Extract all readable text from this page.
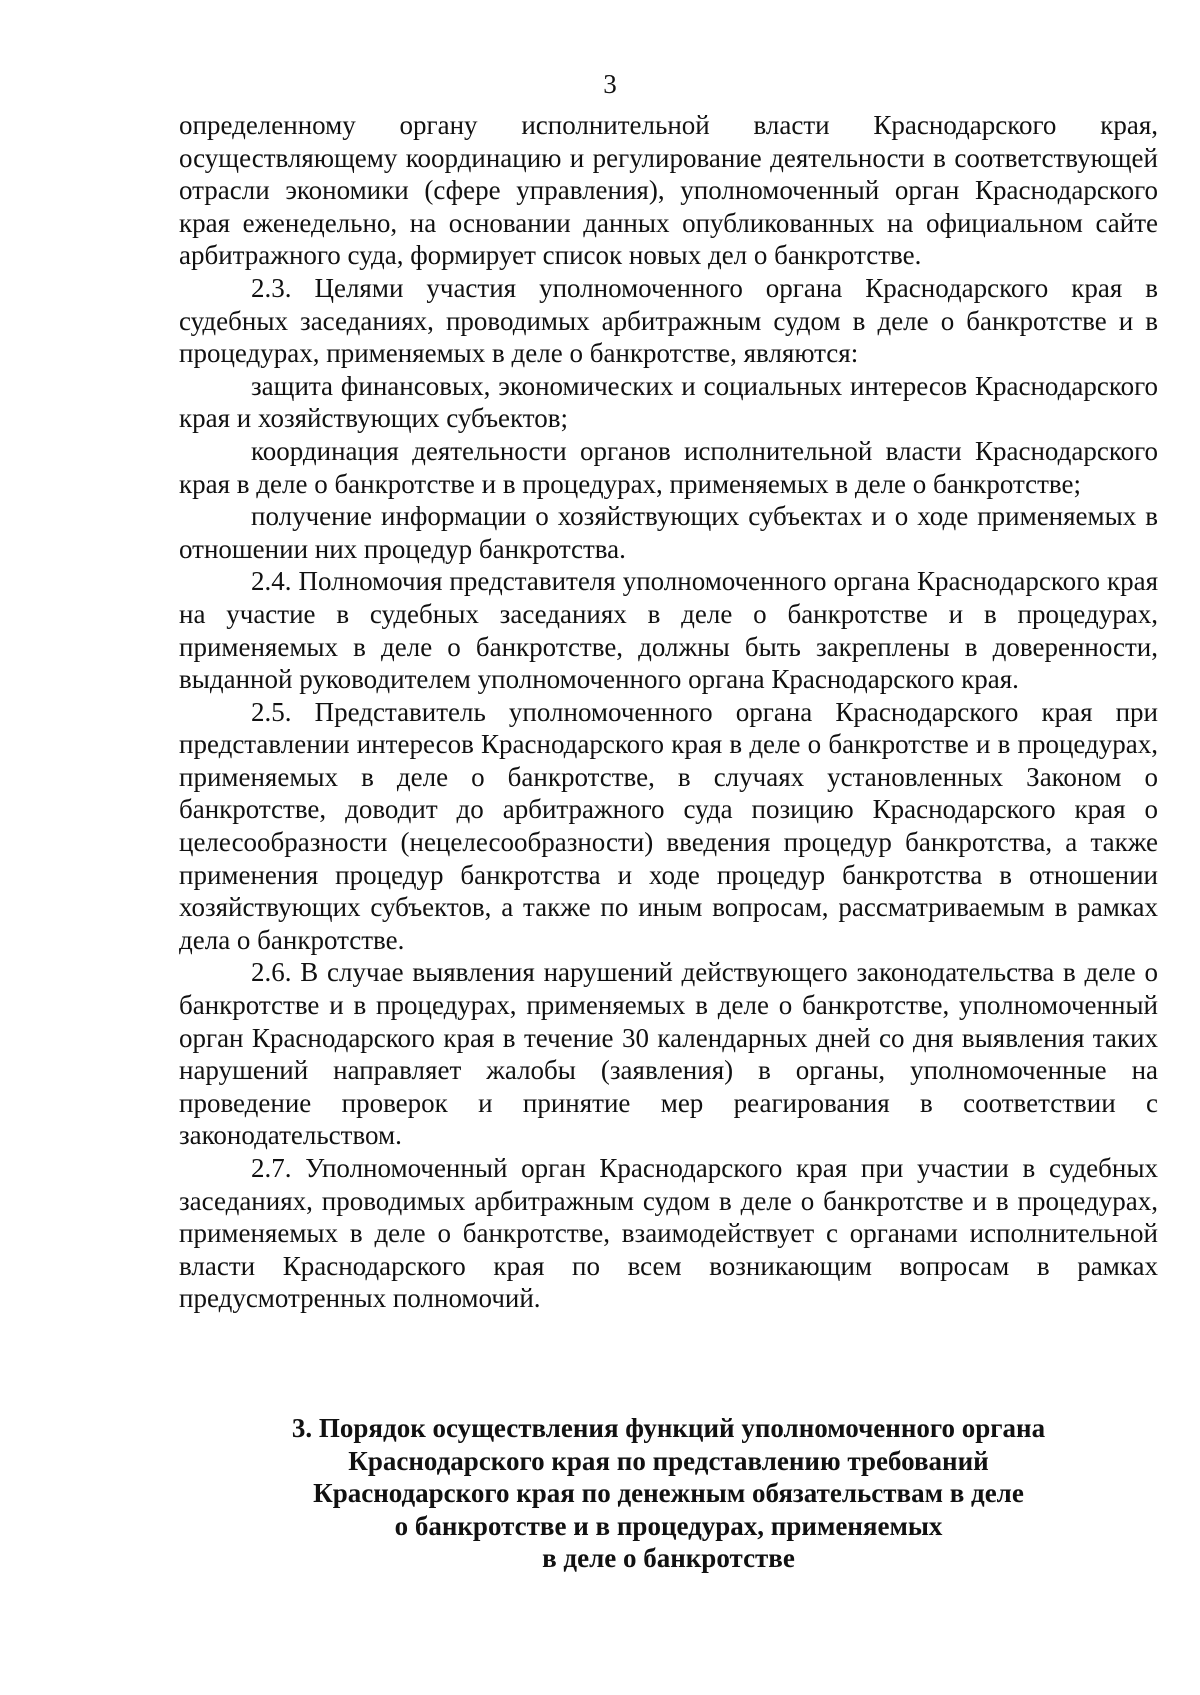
3

определенному органу исполнительной власти Краснодарского края, осуществляющему координацию и регулирование деятельности в соответствующей отрасли экономики (сфере управления), уполномоченный орган Краснодарского края еженедельно, на основании данных опубликованных на официальном сайте арбитражного суда, формирует список новых дел о банкротстве.

2.3. Целями участия уполномоченного органа Краснодарского края в судебных заседаниях, проводимых арбитражным судом в деле о банкротстве и в процедурах, применяемых в деле о банкротстве, являются:

защита финансовых, экономических и социальных интересов Краснодарского края и хозяйствующих субъектов;

координация деятельности органов исполнительной власти Краснодарского края в деле о банкротстве и в процедурах, применяемых в деле о банкротстве;

получение информации о хозяйствующих субъектах и о ходе применяемых в отношении них процедур банкротства.

2.4. Полномочия представителя уполномоченного органа Краснодарского края на участие в судебных заседаниях в деле о банкротстве и в процедурах, применяемых в деле о банкротстве, должны быть закреплены в доверенности, выданной руководителем уполномоченного органа Краснодарского края.

2.5. Представитель уполномоченного органа Краснодарского края при представлении интересов Краснодарского края в деле о банкротстве и в процедурах, применяемых в деле о банкротстве, в случаях установленных Законом о банкротстве, доводит до арбитражного суда позицию Краснодарского края о целесообразности (нецелесообразности) введения процедур банкротства, а также применения процедур банкротства и ходе процедур банкротства в отношении хозяйствующих субъектов, а также по иным вопросам, рассматриваемым в рамках дела о банкротстве.

2.6. В случае выявления нарушений действующего законодательства в деле о банкротстве и в процедурах, применяемых в деле о банкротстве, уполномоченный орган Краснодарского края в течение 30 календарных дней со дня выявления таких нарушений направляет жалобы (заявления) в органы, уполномоченные на проведение проверок и принятие мер реагирования в соответствии с законодательством.

2.7. Уполномоченный орган Краснодарского края при участии в судебных заседаниях, проводимых арбитражным судом в деле о банкротстве и в процедурах, применяемых в деле о банкротстве, взаимодействует с органами исполнительной власти Краснодарского края по всем возникающим вопросам в рамках предусмотренных полномочий.

3. Порядок осуществления функций уполномоченного органа
Краснодарского края по представлению требований
Краснодарского края по денежным обязательствам в деле
о банкротстве и в процедурах, применяемых
в деле о банкротстве
